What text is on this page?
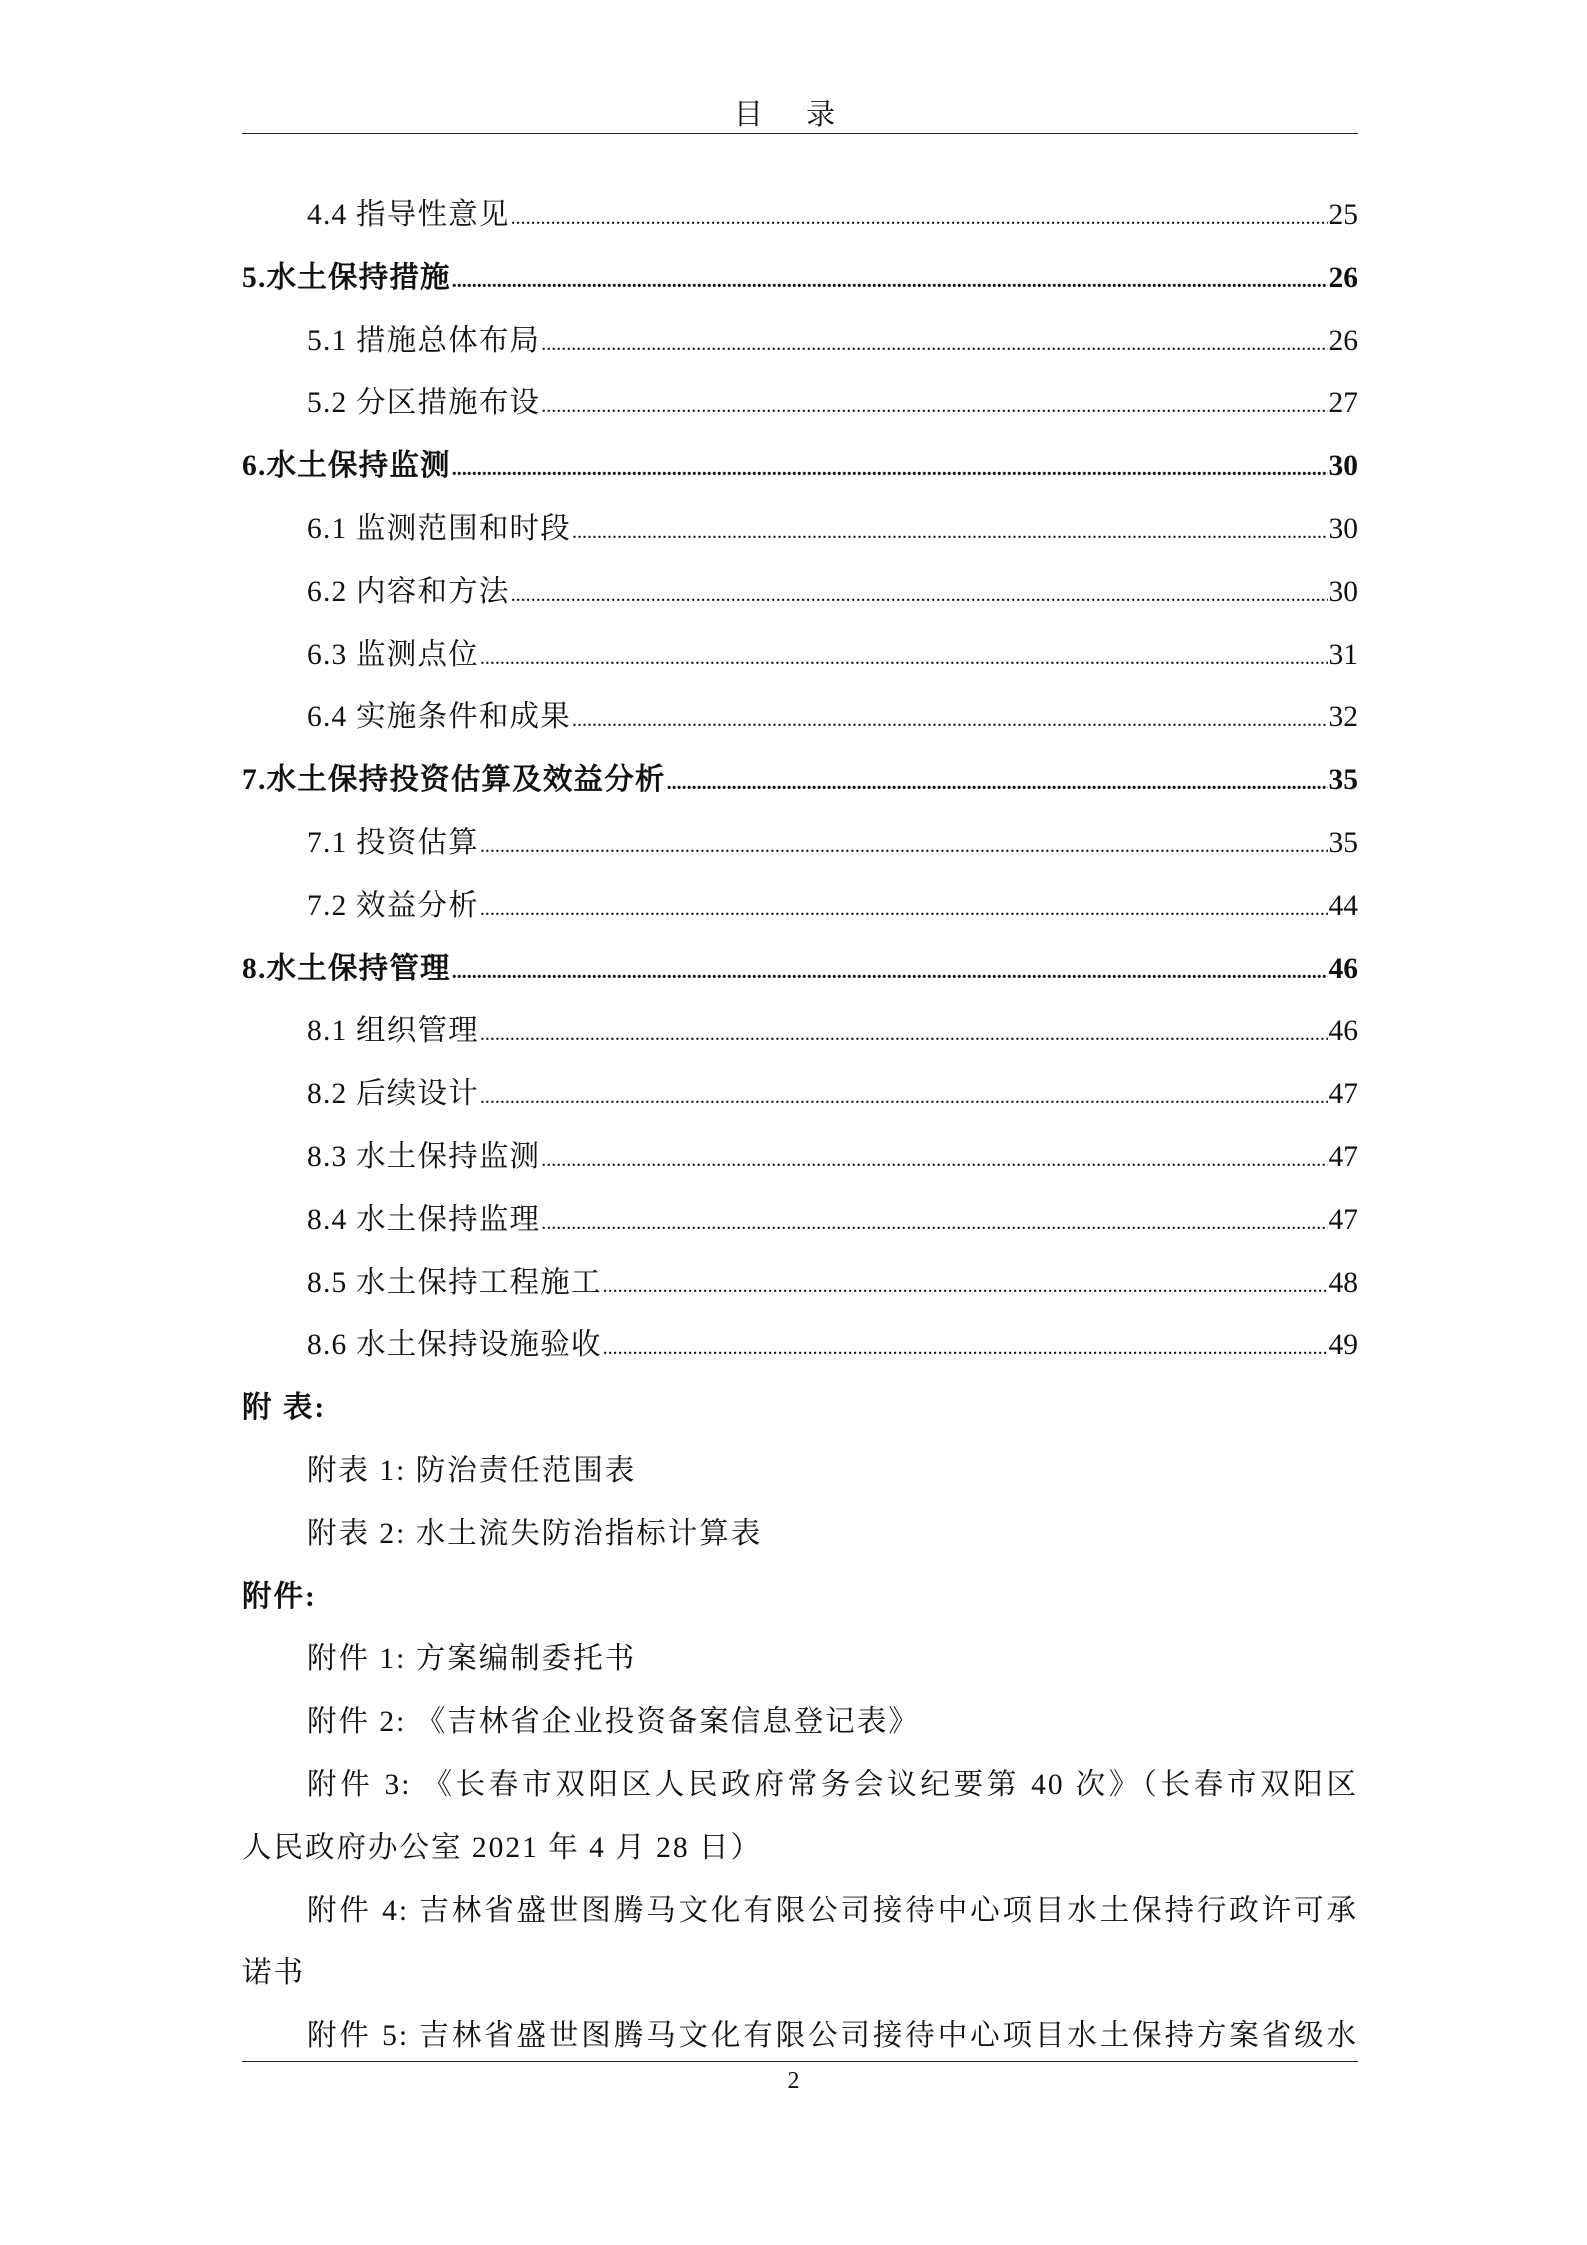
目 录
4.4 指导性意见 .....	25
5.水土保持措施 .....	26
5.1 措施总体布局 .....	26
5.2 分区措施布设 .....	27
6.水土保持监测 .....	30
6.1 监测范围和时段 .....	30
6.2 内容和方法 .....	30
6.3 监测点位 .....	31
6.4 实施条件和成果 .....	32
7.水土保持投资估算及效益分析 .....	35
7.1 投资估算 .....	35
7.2 效益分析 .....	44
8.水土保持管理 .....	46
8.1 组织管理 .....	46
8.2 后续设计 .....	47
8.3 水土保持监测 .....	47
8.4 水土保持监理 .....	47
8.5 水土保持工程施工 .....	48
8.6 水土保持设施验收 .....	49
附 表:
附表 1: 防治责任范围表
附表 2: 水土流失防治指标计算表
附件:
附件 1: 方案编制委托书
附件 2: 《吉林省企业投资备案信息登记表》
附件 3: 《长春市双阳区人民政府常务会议纪要第 40 次》（长春市双阳区
人民政府办公室 2021 年 4 月 28 日）
附件 4: 吉林省盛世图腾马文化有限公司接待中心项目水土保持行政许可承
诺书
附件 5: 吉林省盛世图腾马文化有限公司接待中心项目水土保持方案省级水
2
